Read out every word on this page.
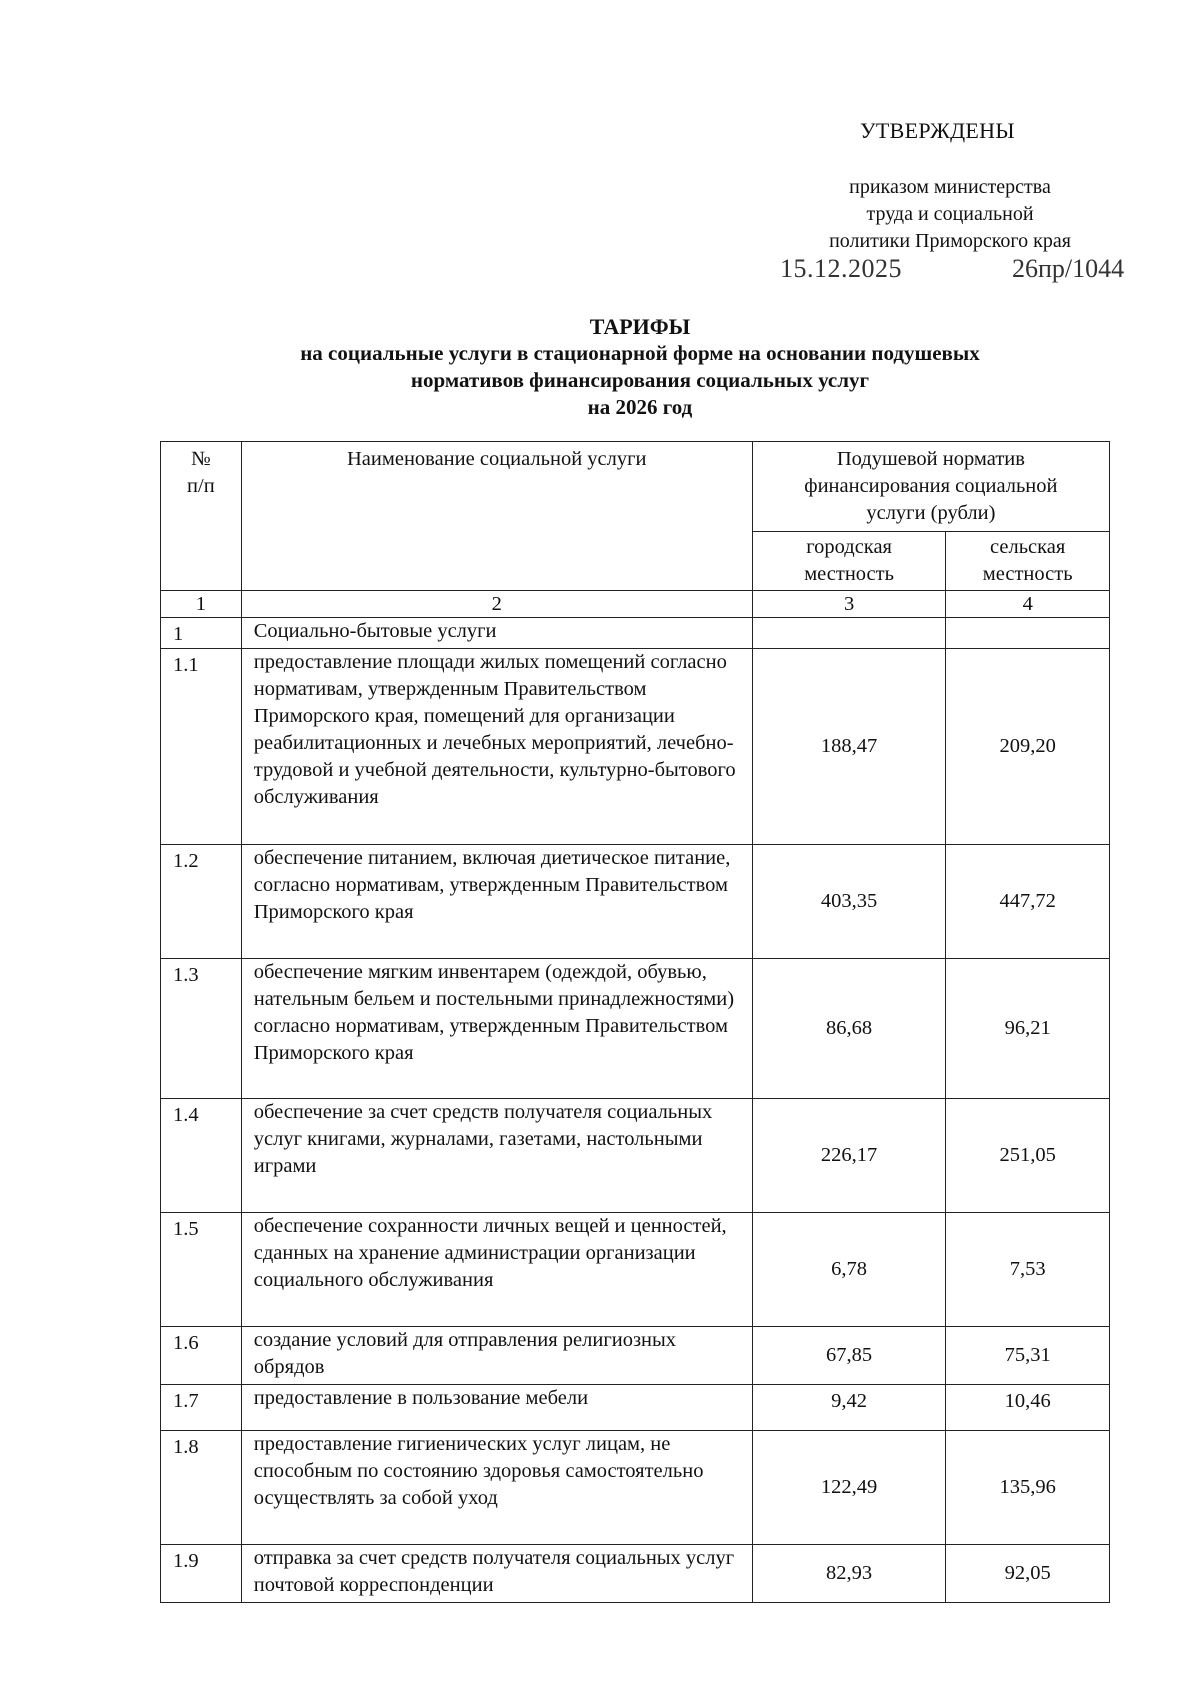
УТВЕРЖДЕНЫ
приказом министерства
труда и социальной
политики Приморского края
15.12.2025	26пр/1044
ТАРИФЫ
на социальные услуги в стационарной форме на основании подушевых
нормативов финансирования социальных услуг
на 2026 год
№ п/п	Наименование социальной услуги	Подушевой норматив финансирования социальной услуги (рубли)	

		городская местность	сельская местность

1	2	3	4
1	Социально-бытовые услуги		
1.1	предоставление площади жилых помещений согласно нормативам, утвержденным Правительством Приморского края, помещений для организации реабилитационных и лечебных мероприятий, лечебно-трудовой и учебной деятельности, культурно-бытового обслуживания	188,47	209,20
1.2	обеспечение питанием, включая диетическое питание, согласно нормативам, утвержденным Правительством Приморского края	403,35	447,72
1.3	обеспечение мягким инвентарем (одеждой, обувью, нательным бельем и постельными принадлежностями) согласно нормативам, утвержденным Правительством Приморского края	86,68	96,21
1.4	обеспечение за счет средств получателя социальных услуг книгами, журналами, газетами, настольными играми	226,17	251,05
1.5	обеспечение сохранности личных вещей и ценностей, сданных на хранение администрации организации социального обслуживания	6,78	7,53
1.6	создание условий для отправления религиозных обрядов	67,85	75,31
1.7	предоставление в пользование мебели	9,42	10,46
1.8	предоставление гигиенических услуг лицам, не способным по состоянию здоровья самостоятельно осуществлять за собой уход	122,49	135,96
1.9	отправка за счет средств получателя социальных услуг почтовой корреспонденции	82,93	92,05
